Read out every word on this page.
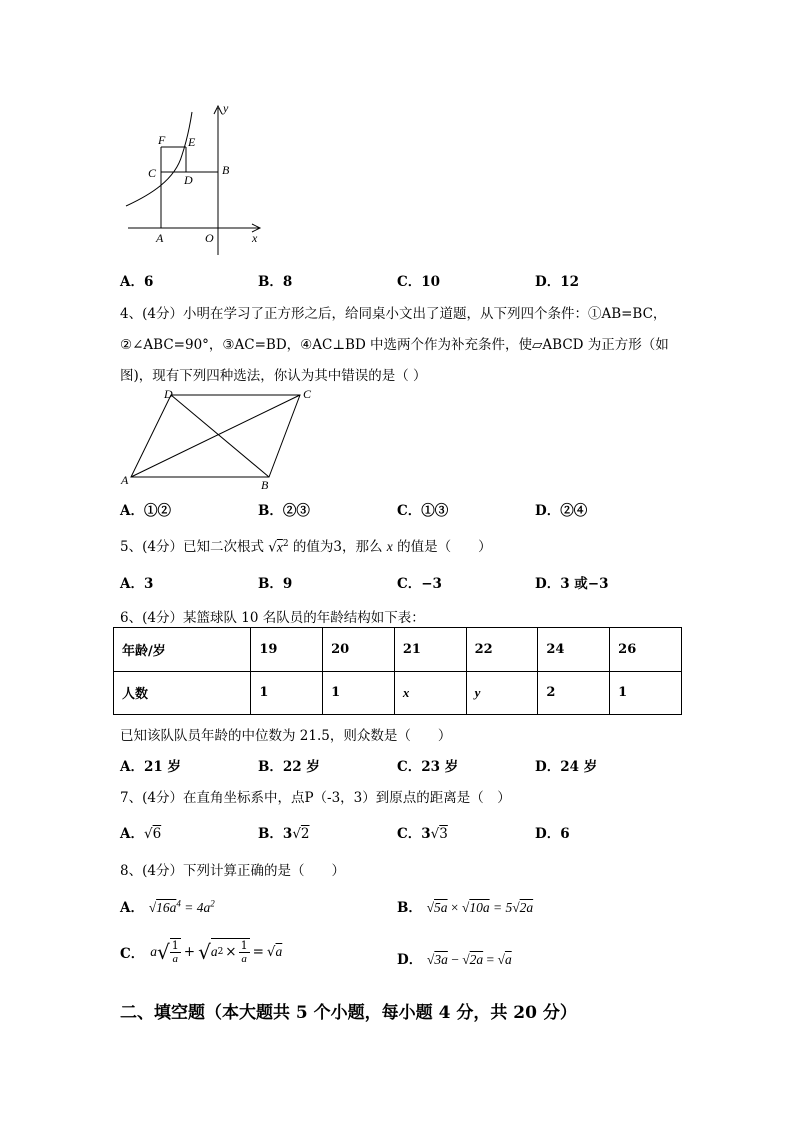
y
F E
C D
B
A	O	x
A．6	B．8	C．10	D．12
4、(4分）小明在学习了正方形之后，给同桌小文出了道题，从下列四个条件：①AB=BC，
②∠ABC=90°，③AC=BD，④AC⊥BD 中选两个作为补充条件，使▱ABCD 为正方形（如
图)，现有下列四种选法，你认为其中错误的是（ ）
D	C
A	B
A．①②	B．②③	C．①③	D．②④
5、(4分）已知二次根式 $√x^2$ 的值为3，那么 x 的值是（　　）
A．3	B．9	C．−3	D．3 或−3
6、(4分）某篮球队 10 名队员的年龄结构如下表：
年龄/岁	19	20	21	22	24	26
人数	1	1	x	y	2	1
已知该队队员年龄的中位数为 21.5，则众数是（　　）
A．21 岁	B．22 岁	C．23 岁	D．24 岁
7、(4分）在直角坐标系中，点P（-3，3）到原点的距离是（　）
A．√6	B．3√2	C．3√3	D．6
8、(4分）下列计算正确的是（　　）
A． $√16a^4 = 4a^2$	B． √5a × √10a = 5√2a
C． a √ $\frac{1}{a}$ + √ a $2 \times \frac{1}{a}$ = √ a
D． √3a − √2a = √a
二、填空题（本大题共 5 个小题，每小题 4 分，共 20 分）
